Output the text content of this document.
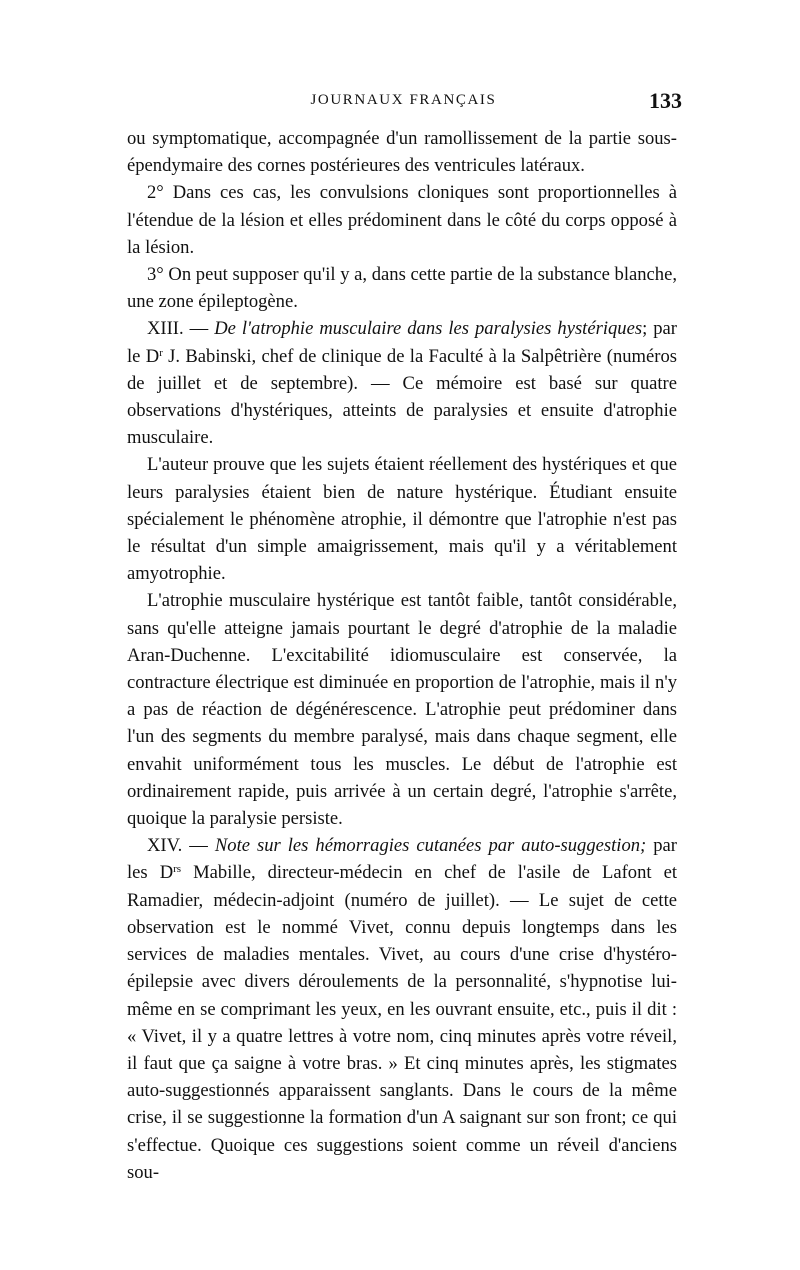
JOURNAUX FRANÇAIS	133

ou symptomatique, accompagnée d'un ramollissement de la partie sous-épendymaire des cornes postérieures des ventricules latéraux.

2° Dans ces cas, les convulsions cloniques sont proportionnelles à l'étendue de la lésion et elles prédominent dans le côté du corps opposé à la lésion.

3° On peut supposer qu'il y a, dans cette partie de la substance blanche, une zone épileptogène.

XIII. — De l'atrophie musculaire dans les paralysies hystériques; par le $D^r$ J. Babinski, chef de clinique de la Faculté à la Salpêtrière (numéros de juillet et de septembre). — Ce mémoire est basé sur quatre observations d'hystériques, atteints de paralysies et ensuite d'atrophie musculaire.

L'auteur prouve que les sujets étaient réellement des hystériques et que leurs paralysies étaient bien de nature hystérique. Étudiant ensuite spécialement le phénomène atrophie, il démontre que l'atrophie n'est pas le résultat d'un simple amaigrissement, mais qu'il y a véritablement amyotrophie.

L'atrophie musculaire hystérique est tantôt faible, tantôt considérable, sans qu'elle atteigne jamais pourtant le degré d'atrophie de la maladie Aran-Duchenne. L'excitabilité idiomusculaire est conservée, la contracture électrique est diminuée en proportion de l'atrophie, mais il n'y a pas de réaction de dégénérescence. L'atrophie peut prédominer dans l'un des segments du membre paralysé, mais dans chaque segment, elle envahit uniformément tous les muscles. Le début de l'atrophie est ordinairement rapide, puis arrivée à un certain degré, l'atrophie s'arrête, quoique la paralysie persiste.

XIV. — Note sur les hémorragies cutanées par auto-suggestion; par les $D^{rs}$ Mabille, directeur-médecin en chef de l'asile de Lafont et Ramadier, médecin-adjoint (numéro de juillet). — Le sujet de cette observation est le nommé Vivet, connu depuis longtemps dans les services de maladies mentales. Vivet, au cours d'une crise d'hystéro-épilepsie avec divers déroulements de la personnalité, s'hypnotise lui-même en se comprimant les yeux, en les ouvrant ensuite, etc., puis il dit : « Vivet, il y a quatre lettres à votre nom, cinq minutes après votre réveil, il faut que ça saigne à votre bras. » Et cinq minutes après, les stigmates auto-suggestionnés apparaissent sanglants. Dans le cours de la même crise, il se suggestionne la formation d'un A saignant sur son front; ce qui s'effectue. Quoique ces suggestions soient comme un réveil d'anciens sou-
